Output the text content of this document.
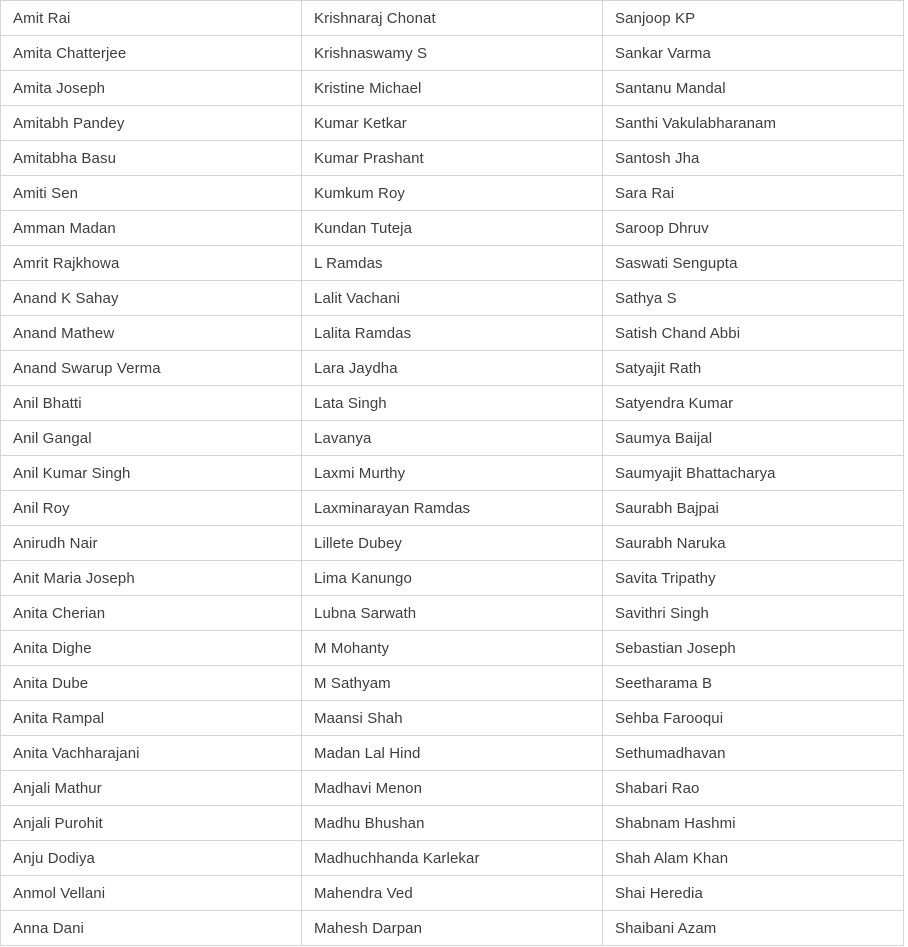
Amit Rai
Amita Chatterjee
Amita Joseph
Amitabh Pandey
Amitabha Basu
Amiti Sen
Amman Madan
Amrit Rajkhowa
Anand K Sahay
Anand Mathew
Anand Swarup Verma
Anil Bhatti
Anil Gangal
Anil Kumar Singh
Anil Roy
Anirudh Nair
Anit Maria Joseph
Anita Cherian
Anita Dighe
Anita Dube
Anita Rampal
Anita Vachharajani
Anjali Mathur
Anjali Purohit
Anju Dodiya
Anmol Vellani
Anna Dani
Krishnaraj Chonat
Krishnaswamy S
Kristine Michael
Kumar Ketkar
Kumar Prashant
Kumkum Roy
Kundan Tuteja
L Ramdas
Lalit Vachani
Lalita Ramdas
Lara Jaydha
Lata Singh
Lavanya
Laxmi Murthy
Laxminarayan Ramdas
Lillete Dubey
Lima Kanungo
Lubna Sarwath
M Mohanty
M Sathyam
Maansi Shah
Madan Lal Hind
Madhavi Menon
Madhu Bhushan
Madhuchhanda Karlekar
Mahendra Ved
Mahesh Darpan
Sanjoop KP
Sankar Varma
Santanu Mandal
Santhi Vakulabharanam
Santosh Jha
Sara Rai
Saroop Dhruv
Saswati Sengupta
Sathya S
Satish Chand Abbi
Satyajit Rath
Satyendra Kumar
Saumya Baijal
Saumyajit Bhattacharya
Saurabh Bajpai
Saurabh Naruka
Savita Tripathy
Savithri Singh
Sebastian Joseph
Seetharama B
Sehba Farooqui
Sethumadhavan
Shabari Rao
Shabnam Hashmi
Shah Alam Khan
Shai Heredia
Shaibani Azam
